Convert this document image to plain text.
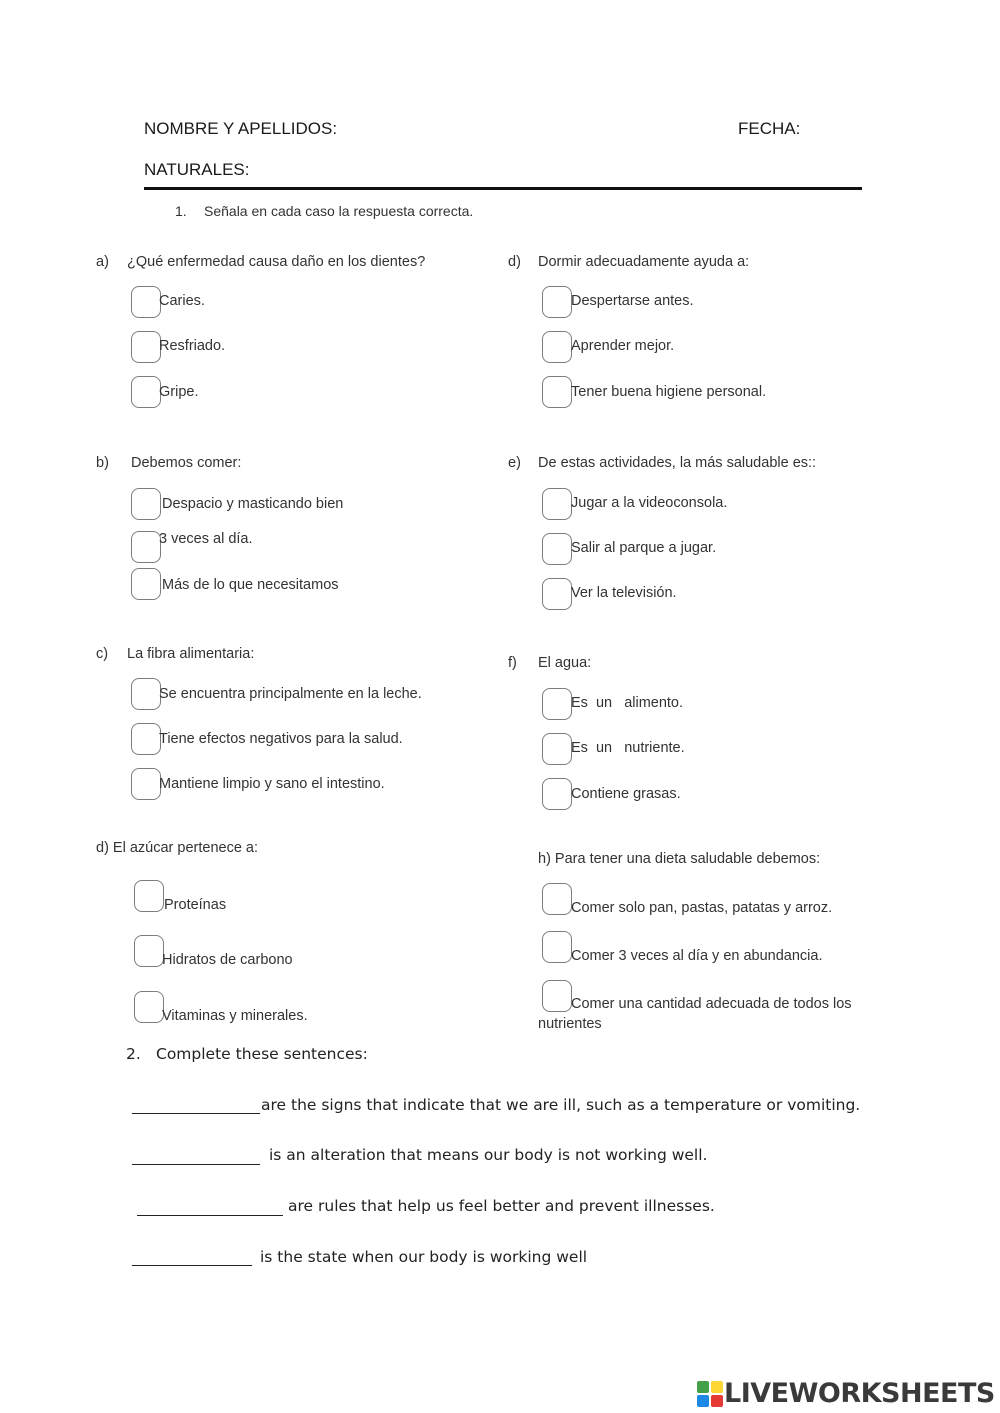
NOMBRE Y APELLIDOS:	FECHA:
NATURALES:
1. Señala en cada caso la respuesta correcta.
a) ¿Qué enfermedad causa daño en los dientes?
Caries.
Resfriado.
Gripe.
b) Debemos comer:
Despacio y masticando bien
3 veces al día.
Más de lo que necesitamos
c) La fibra alimentaria:
Se encuentra principalmente en la leche.
Tiene efectos negativos para la salud.
Mantiene limpio y sano el intestino.
d) El azúcar pertenece a:
Proteínas
Hidratos de carbono
Vitaminas y minerales.
d) Dormir adecuadamente ayuda a:
Despertarse antes.
Aprender mejor.
Tener buena higiene personal.
e) De estas actividades, la más saludable es::
Jugar a la videoconsola.
Salir al parque a jugar.
Ver la televisión.
f) El agua:
Es  un   alimento.
Es  un   nutriente.
Contiene grasas.
h) Para tener una dieta saludable debemos:
Comer solo pan, pastas, patatas y arroz.
Comer 3 veces al día y en abundancia.
Comer una cantidad adecuada de todos los
nutrientes
2. Complete these sentences:
are the signs that indicate that we are ill, such as a temperature or vomiting.
is an alteration that means our body is not working well.
are rules that help us feel better and prevent illnesses.
is the state when our body is working well
LIVEWORKSHEETS
